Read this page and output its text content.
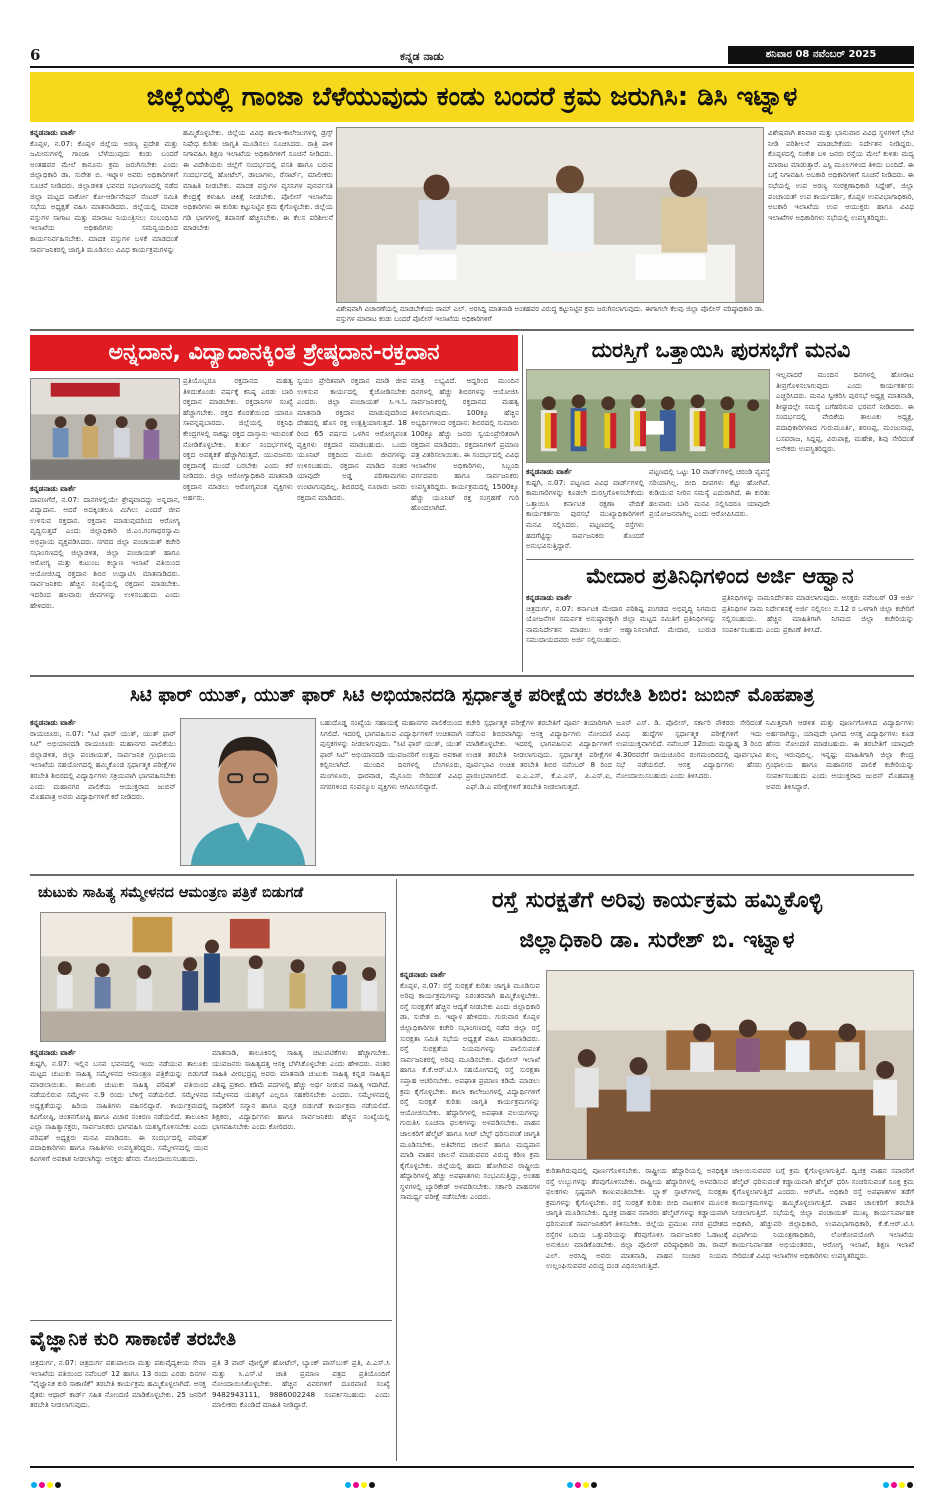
6	ಕನ್ನಡ ನಾಡು	ಶನಿವಾರ 08 ನವೆಂಬರ್ 2025
ಜಿಲ್ಲೆಯಲ್ಲಿ ಗಾಂಜಾ ಬೆಳೆಯುವುದು ಕಂಡು ಬಂದರೆ ಕ್ರಮ ಜರುಗಿಸಿ: ಡಿಸಿ ಇಟ್ನಾಳ
ಕನ್ನಡನಾಡು ವಾರ್ತೆ
ಕೊಪ್ಪಳ, ನ.07: ಕೊಪ್ಪಳ ಜಿಲ್ಲೆಯ ಅರಣ್ಯ ಪ್ರದೇಶ ಮತ್ತು ಜಮೀನುಗಳಲ್ಲಿ ಗಾಂಜಾ ಬೆಳೆಯುವುದು ಕಂಡು ಬಂದರೆ ಅಂತಹವರ ಮೇಲೆ ಕಾನೂನು ಕ್ರಮ ಜರುಗಿಸಬೇಕು ಎಂದು ಜಿಲ್ಲಾಧಿಕಾರಿ ಡಾ. ಸುರೇಶ ಬಿ. ಇಟ್ನಾಳ ಅವರು ಅಧಿಕಾರಿಗಳಿಗೆ ಸೂಚನೆ ನೀಡಿದರು. ಜಿಲ್ಲಾಡಳಿತ ಭವನದ ಸಭಾಂಗಣದಲ್ಲಿ ನಡೆದ ಜಿಲ್ಲಾ ಮಟ್ಟದ ನಾರ್ಕೋ ಕೋ-ಆರ್ಡಿನೇಷನ್ ಸೆಂಟರ್ ಸಮಿತಿ ಸಭೆಯ ಅಧ್ಯಕ್ಷತೆ ವಹಿಸಿ ಮಾತನಾಡಿದರು. ಜಿಲ್ಲೆಯಲ್ಲಿ ಮಾದಕ ವಸ್ತುಗಳ ಸಾಗಾಟ ಮತ್ತು ಮಾರಾಟ ನಿಯಂತ್ರಿಸಲು ಸಂಬಂಧಿಸಿದ ಇಲಾಖೆಯ ಅಧಿಕಾರಿಗಳು ಸಮನ್ವಯದಿಂದ ಕಾರ್ಯನಿರ್ವಹಿಸಬೇಕು. ಮಾದಕ ವಸ್ತುಗಳ ಬಳಕೆ ಮಾಡದಂತೆ ಸಾರ್ವಜನಿಕರಲ್ಲಿ ಜಾಗೃತಿ ಮೂಡಿಸಲು ವಿವಿಧ ಕಾರ್ಯಕ್ರಮಗಳನ್ನು
ಹಮ್ಮಿಕೊಳ್ಳಬೇಕು. ಜಿಲ್ಲೆಯ ವಿವಿಧ ಶಾಲಾ-ಕಾಲೇಜುಗಳಲ್ಲಿ ಡ್ರಗ್ಸ್ ನಿಷೇಧ ಕುರಿತು ಜಾಗೃತಿ ಮೂಡಿಸಲು ಸೂಚಿಸಿದರು. ರಾತ್ರಿ ಪಾಳಿ ನಿಗಾವಹಿಸಿ ಶಿಕ್ಷಣ ಇಲಾಖೆಯ ಅಧಿಕಾರಿಗಳಿಗೆ ಸೂಚನೆ ನೀಡಿದರು. ಈ ವಿದೇಶಿಯರು ಜಿಲ್ಲೆಗೆ ಸಂದರ್ಭದಲ್ಲಿ ವಸತಿ ಹಾಗೂ ಬರುವ ಸಂದರ್ಭದಲ್ಲಿ ಹೋಟೆಲ್, ಡಾಬಾಗಳು, ರೆಸಾರ್ಟ್, ಮಾಲೀಕರು ಮಾಹಿತಿ ನೀಡಬೇಕು. ಮಾದಕ ವಸ್ತುಗಳ ವ್ಯಸನಿಗಳ ಪುನರ್ವಸತಿ ಕೇಂದ್ರಕ್ಕೆ ಕಳುಹಿಸಿ ಚಿಕಿತ್ಸೆ ನೀಡಬೇಕು. ಪೊಲೀಸ್ ಇಲಾಖೆಯ ಅಧಿಕಾರಿಗಳು ಈ ಕುರಿತು ಕಟ್ಟುನಿಟ್ಟಿನ ಕ್ರಮ ಕೈಗೊಳ್ಳಬೇಕು. ಜಿಲ್ಲೆಯ ಗಡಿ ಭಾಗಗಳಲ್ಲಿ ತಪಾಸಣೆ ಹೆಚ್ಚಿಸಬೇಕು. ಈ ಕೆಲಸ ಪರಿಶೀಲನೆ ಮಾಡಬೇಕು
ವಿಶೇಷವಾಗಿ ವಿಚಾರಣೆಯಲ್ಲಿ ಮಾಡಬೇಕೆಂದು ರಾಮ್ ಎಲ್. ಅರಸಿದ್ದಿ ಮಾತನಾಡಿ ಅಂತಹವರ ವಿರುದ್ಧ ಕಟ್ಟುನಿಟ್ಟಿನ ಕ್ರಮ ಜರುಗಿಸಲಾಗುವುದು. ಈಗಾಗಲೇ ಕೆಲವು ಜಿಲ್ಲಾ ಪೊಲೀಸ್ ವರಿಷ್ಠಾಧಿಕಾರಿ ಡಾ. ವಸ್ತುಗಳ ಮಾರಾಟ ಕಂಡು ಬಂದರೆ ಪೊಲೀಸ್ ಇಲಾಖೆಯ ಅಧಿಕಾರಿಗಳಿಗೆ
ವಿಶೇಷವಾಗಿ ಶನಿವಾರ ಮತ್ತು ಭಾನುವಾರ ವಿವಿಧ ಸ್ಥಳಗಳಿಗೆ ಭೇಟಿ ನೀಡಿ ಪರಿಶೀಲನೆ ಮಾಡಬೇಕೆಂದು ನಿರ್ದೇಶನ ನೀಡಿದ್ದರು. ಕೊಪ್ಪಳದಲ್ಲಿ ಸಂಕೇಶ ಬಳಿ ಜನರು ರಸ್ತೆಯ ಮೇಲೆ ಕುಳಿತು ಮದ್ಯ ಮಾರಾಟ ಮಾಡುತ್ತಾರೆ. ಎಸ್ಪಿ ಮೂಲಗಳಿಂದ ತಿಳಿದು ಬಂದಿದೆ. ಈ ಬಗ್ಗೆ ನಿಗಾವಹಿಸಿ ಅಬಕಾರಿ ಅಧಿಕಾರಿಗಳಿಗೆ ಸೂಚನೆ ನೀಡಿದರು. ಈ ಸಭೆಯಲ್ಲಿ ಉಪ ಅರಣ್ಯ ಸಂರಕ್ಷಣಾಧಿಕಾರಿ ಸಿದ್ದೇಶ್, ಜಿಲ್ಲಾ ಪಂಚಾಯತ್ ಉಪ ಕಾರ್ಯದರ್ಶಿ, ಕೊಪ್ಪಳ ಉಪವಿಭಾಗಾಧಿಕಾರಿ, ಅಬಕಾರಿ ಇಲಾಖೆಯ ಉಪ ಆಯುಕ್ತರು ಹಾಗೂ ವಿವಿಧ ಇಲಾಖೆಗಳ ಅಧಿಕಾರಿಗಳು ಸಭೆಯಲ್ಲಿ ಉಪಸ್ಥಿತರಿದ್ದರು.
ಅನ್ನದಾನ, ವಿದ್ಯಾದಾನಕ್ಕಿಂತ ಶ್ರೇಷ್ಠದಾನ-ರಕ್ತದಾನ
ಕನ್ನಡನಾಡು ವಾರ್ತೆ
ದಾವಣಗೆರೆ, ನ.07: ದಾನಗಳಲ್ಲಿಯೇ ಶ್ರೇಷ್ಠವಾದದ್ದು ಅನ್ನದಾನ, ವಿದ್ಯಾದಾನ. ಆದರೆ ಅದಕ್ಕಿಂತಲೂ ಮಿಗಿಲು ಎಂದರೆ ಜೀವ ಉಳಿಸುವ ರಕ್ತದಾನ. ರಕ್ತದಾನ ಮಾಡುವುದರಿಂದ ಆರೋಗ್ಯ ವೃದ್ಧಿಸುತ್ತದೆ ಎಂದು ಜಿಲ್ಲಾಧಿಕಾರಿ ಜಿ.ಎಂ.ಗಂಗಾಧರಸ್ವಾಮಿ ಅಭಿಪ್ರಾಯ ವ್ಯಕ್ತಪಡಿಸಿದರು. ನಗರದ ಜಿಲ್ಲಾ ಪಂಚಾಯತ್ ಕಚೇರಿ ಸಭಾಂಗಣದಲ್ಲಿ ಜಿಲ್ಲಾಡಳಿತ, ಜಿಲ್ಲಾ ಪಂಚಾಯತ್ ಹಾಗೂ ಆರೋಗ್ಯ ಮತ್ತು ಕುಟುಂಬ ಕಲ್ಯಾಣ ಇಲಾಖೆ ವತಿಯಿಂದ ಆಯೋಜಿಸಿದ್ದ ರಕ್ತದಾನ ಶಿಬಿರ ಉದ್ಘಾಟಿಸಿ ಮಾತನಾಡಿದರು. ಸಾರ್ವಜನಿಕರು ಹೆಚ್ಚಿನ ಸಂಖ್ಯೆಯಲ್ಲಿ ರಕ್ತದಾನ ಮಾಡಬೇಕು. ಇದರಿಂದ ಹಲವಾರು ಜೀವಗಳನ್ನು ಉಳಿಸಬಹುದು ಎಂದು ಹೇಳಿದರು.
ಪ್ರತಿಯೊಬ್ಬರೂ ರಕ್ತದಾನದ ಮಹತ್ವ ತಿಳಿದುಕೊಂಡು ವರ್ಷಕ್ಕೆ ಕನಿಷ್ಠ ಎರಡು ಬಾರಿ ರಕ್ತದಾನ ಮಾಡಬೇಕು. ರಕ್ತದಾನಿಗಳ ಸಂಖ್ಯೆ ಹೆಚ್ಚಾಗಬೇಕು. ರಕ್ತದ ಕೊರತೆಯಿಂದ ಯಾರೂ ಸಾವನ್ನಪ್ಪಬಾರದು. ಜಿಲ್ಲೆಯಲ್ಲಿ ರಕ್ತನಿಧಿ ಕೇಂದ್ರಗಳಲ್ಲಿ ಸಾಕಷ್ಟು ರಕ್ತದ ದಾಸ್ತಾನು ಇರುವಂತೆ ನೋಡಿಕೊಳ್ಳಬೇಕು. ತುರ್ತು ಸಂದರ್ಭಗಳಲ್ಲಿ ರಕ್ತದ ಅವಶ್ಯಕತೆ ಹೆಚ್ಚಾಗಿರುತ್ತದೆ. ಯುವಜನರು ರಕ್ತದಾನಕ್ಕೆ ಮುಂದೆ ಬರಬೇಕು ಎಂದು ಕರೆ ನೀಡಿದರು. ಜಿಲ್ಲಾ ಆರೋಗ್ಯಾಧಿಕಾರಿ ಮಾತನಾಡಿ ರಕ್ತದಾನ ಮಾಡಲು ಆರೋಗ್ಯವಂತ ವ್ಯಕ್ತಿಗಳು ಅರ್ಹರು.
ಸ್ವಯಂ ಪ್ರೇರಿತವಾಗಿ ರಕ್ತದಾನ ಮಾಡಿ ಜೀವ ಉಳಿಸುವ ಕಾರ್ಯದಲ್ಲಿ ಕೈಜೋಡಿಸಬೇಕು ಎಂದರು. ಜಿಲ್ಲಾ ಪಂಚಾಯತ್ ಸಿ.ಇ.ಓ ಮಾತನಾಡಿ ರಕ್ತದಾನ ಮಾಡುವುದರಿಂದ ದೇಹದಲ್ಲಿ ಹೊಸ ರಕ್ತ ಉತ್ಪತ್ತಿಯಾಗುತ್ತದೆ. 18 ರಿಂದ 65 ವರ್ಷದ ಒಳಗಿನ ಆರೋಗ್ಯವಂತ ವ್ಯಕ್ತಿಗಳು ರಕ್ತದಾನ ಮಾಡಬಹುದು. ಒಂದು ಯೂನಿಟ್ ರಕ್ತದಿಂದ ಮೂರು ಜೀವಗಳನ್ನು ಉಳಿಸಬಹುದು. ರಕ್ತದಾನ ಮಾಡಿದ ನಂತರ ಯಾವುದೇ ಅಡ್ಡ ಪರಿಣಾಮಗಳು ಉಂಟಾಗುವುದಿಲ್ಲ. ಶಿಬಿರದಲ್ಲಿ ನೂರಾರು ಜನರು ರಕ್ತದಾನ ಮಾಡಿದರು.
ಮಾತ್ರ ಲಭ್ಯವಿದೆ. ಆದ್ದರಿಂದ ಮುಂದಿನ ದಿನಗಳಲ್ಲಿ ಹೆಚ್ಚು ಶಿಬಿರಗಳನ್ನು ಆಯೋಜಿಸಿ ಸಾರ್ವಜನಿಕರಲ್ಲಿ ರಕ್ತದಾನದ ಮಹತ್ವ ತಿಳಿಸಲಾಗುವುದು. 100ಕ್ಕೂ ಹೆಚ್ಚಿನ ಅಭ್ಯರ್ಥಿಗಳಿಂದ ರಕ್ತದಾನ: ಶಿಬಿರದಲ್ಲಿ ಸುಮಾರು 100ಕ್ಕೂ ಹೆಚ್ಚು ಜನರು ಸ್ವಯಂಪ್ರೇರಿತರಾಗಿ ರಕ್ತದಾನ ಮಾಡಿದರು. ರಕ್ತದಾನಿಗಳಿಗೆ ಪ್ರಮಾಣ ಪತ್ರ ವಿತರಿಸಲಾಯಿತು. ಈ ಸಂದರ್ಭದಲ್ಲಿ ವಿವಿಧ ಇಲಾಖೆಗಳ ಅಧಿಕಾರಿಗಳು, ಸಿಬ್ಬಂದಿ ವರ್ಗದವರು ಹಾಗೂ ಸಾರ್ವಜನಿಕರು ಉಪಸ್ಥಿತರಿದ್ದರು. ಕಾರ್ಯಕ್ರಮದಲ್ಲಿ 1500ಕ್ಕೂ ಹೆಚ್ಚು ಯೂನಿಟ್ ರಕ್ತ ಸಂಗ್ರಹಣೆ ಗುರಿ ಹೊಂದಲಾಗಿದೆ.
ದುರಸ್ತಿಗೆ ಒತ್ತಾಯಿಸಿ ಪುರಸಭೆಗೆ ಮನವಿ
ಕನ್ನಡನಾಡು ವಾರ್ತೆ
ಕುಷ್ಟಗಿ, ನ.07: ಪಟ್ಟಣದ ವಿವಿಧ ವಾರ್ಡ್‌ಗಳಲ್ಲಿ ಕಾಮಗಾರಿಗಳನ್ನು ಕೂಡಲೇ ದುರಸ್ತಿಗೊಳಿಸಬೇಕೆಂದು ಒತ್ತಾಯಿಸಿ ಕರ್ನಾಟಕ ರಕ್ಷಣಾ ವೇದಿಕೆ ಕಾರ್ಯಕರ್ತರು ಪುರಸಭೆ ಮುಖ್ಯಾಧಿಕಾರಿಗಳಿಗೆ ಮನವಿ ಸಲ್ಲಿಸಿದರು. ಪಟ್ಟಣದಲ್ಲಿ ರಸ್ತೆಗಳು ಹದಗೆಟ್ಟಿದ್ದು ಸಾರ್ವಜನಿಕರು ತೊಂದರೆ ಅನುಭವಿಸುತ್ತಿದ್ದಾರೆ.
ಪಟ್ಟಣದಲ್ಲಿ ಒಟ್ಟು 10 ವಾರ್ಡ್‌ಗಳಲ್ಲಿ ಚರಂಡಿ ವ್ಯವಸ್ಥೆ ಸರಿಯಾಗಿಲ್ಲ. ಬೀದಿ ದೀಪಗಳು ಕೆಟ್ಟು ಹೋಗಿವೆ. ಕುಡಿಯುವ ನೀರಿನ ಸಮಸ್ಯೆ ಎದುರಾಗಿದೆ. ಈ ಕುರಿತು ಹಲವಾರು ಬಾರಿ ಮನವಿ ಸಲ್ಲಿಸಿದರೂ ಯಾವುದೇ ಪ್ರಯೋಜನವಾಗಿಲ್ಲ ಎಂದು ಆರೋಪಿಸಿದರು.
ಇಲ್ಲವಾದರೆ ಮುಂದಿನ ದಿನಗಳಲ್ಲಿ ಹೋರಾಟ ತೀವ್ರಗೊಳಿಸಲಾಗುವುದು ಎಂದು ಕಾರ್ಯಕರ್ತರು ಎಚ್ಚರಿಸಿದರು. ಮನವಿ ಸ್ವೀಕರಿಸಿ ಪುರಸಭೆ ಅಧ್ಯಕ್ಷ ಮಾತನಾಡಿ, ಶೀಘ್ರದಲ್ಲೇ ಸಮಸ್ಯೆ ಬಗೆಹರಿಸುವ ಭರವಸೆ ನೀಡಿದರು. ಈ ಸಂದರ್ಭದಲ್ಲಿ ವೇದಿಕೆಯ ತಾಲೂಕು ಅಧ್ಯಕ್ಷ, ಪದಾಧಿಕಾರಿಗಳಾದ ಗುರುಮೂರ್ತಿ, ಶರಣಪ್ಪ, ಮಂಜುನಾಥ, ಬಸವರಾಜ, ಸಿದ್ದಪ್ಪ, ವಿರುಪಾಕ್ಷ, ಮಹೇಶ, ಶಿವು ಸೇರಿದಂತೆ ಅನೇಕರು ಉಪಸ್ಥಿತರಿದ್ದರು.
ಮೇದಾರ ಪ್ರತಿನಿಧಿಗಳಿಂದ ಅರ್ಜಿ ಆಹ್ವಾನ
ಕನ್ನಡನಾಡು ವಾರ್ತೆ
ಚಿತ್ರದುರ್ಗ, ನ.07: ಕರ್ನಾಟಕ ಮೇದಾರ ಪರಿಶಿಷ್ಟ ಪಂಗಡದ ಅಭಿವೃದ್ಧಿ ನಿಗಮದ ಯೋಜನೆಗಳ ಸಮರ್ಪಕ ಅನುಷ್ಠಾನಕ್ಕಾಗಿ ಜಿಲ್ಲಾ ಮಟ್ಟದ ಸಮಿತಿಗೆ ಪ್ರತಿನಿಧಿಗಳನ್ನು ನಾಮನಿರ್ದೇಶನ ಮಾಡಲು ಅರ್ಜಿ ಆಹ್ವಾನಿಸಲಾಗಿದೆ. ಮೇದಾರ, ಬುರುಡ ಸಮುದಾಯದವರು ಅರ್ಜಿ ಸಲ್ಲಿಸಬಹುದು.
ಪ್ರತಿನಿಧಿಗಳನ್ನು ನಾಮನಿರ್ದೇಶನ ಮಾಡಲಾಗುವುದು. ಆಸಕ್ತರು ನವೆಂಬರ್ 03 ಅರ್ಜಿ ಪ್ರತಿನಿಧಿಗಳ ನಾಮ ನಿರ್ದೇಶನಕ್ಕೆ ಅರ್ಜಿ ಸಲ್ಲಿಸಲು ನ.12 ರ ಒಳಗಾಗಿ ಜಿಲ್ಲಾ ಕಚೇರಿಗೆ ಸಲ್ಲಿಸಬಹುದು. ಹೆಚ್ಚಿನ ಮಾಹಿತಿಗಾಗಿ ನಿಗಮದ ಜಿಲ್ಲಾ ಕಚೇರಿಯನ್ನು ಸಂಪರ್ಕಿಸಬಹುದು ಎಂದು ಪ್ರಕಟಣೆ ತಿಳಿಸಿದೆ.
ಸಿಟಿ ಫಾರ್ ಯುತ್, ಯುತ್ ಫಾರ್ ಸಿಟಿ ಅಭಿಯಾನದಡಿ ಸ್ಪರ್ಧಾತ್ಮಕ ಪರೀಕ್ಷೆಯ ತರಬೇತಿ ಶಿಬಿರ: ಜುಬಿನ್ ಮೊಹಪಾತ್ರ
ಕನ್ನಡನಾಡು ವಾರ್ತೆ
ರಾಯಚೂರು, ನ.07: "ಸಿಟಿ ಫಾರ್ ಯುತ್, ಯುತ್ ಫಾರ್ ಸಿಟಿ" ಅಭಿಯಾನದಡಿ ರಾಯಚೂರು ಮಹಾನಗರ ಪಾಲಿಕೆಯು ಜಿಲ್ಲಾಡಳಿತ, ಜಿಲ್ಲಾ ಪಂಚಾಯತ್, ಸಾರ್ವಜನಿಕ ಗ್ರಂಥಾಲಯ ಇಲಾಖೆಯ ಸಹಯೋಗದಲ್ಲಿ ಹಮ್ಮಿಕೊಂಡ ಸ್ಪರ್ಧಾತ್ಮಕ ಪರೀಕ್ಷೆಗಳ ತರಬೇತಿ ಶಿಬಿರದಲ್ಲಿ ವಿದ್ಯಾರ್ಥಿಗಳು ಸಕ್ರಿಯವಾಗಿ ಭಾಗವಹಿಸಬೇಕು ಎಂದು ಮಹಾನಗರ ಪಾಲಿಕೆಯ ಆಯುಕ್ತರಾದ ಜುಬಿನ್ ಮೊಹಪಾತ್ರ ಅವರು ವಿದ್ಯಾರ್ಥಿಗಳಿಗೆ ಕರೆ ನೀಡಿದರು.
ಬಹುದೊಡ್ಡ ಸಂಖ್ಯೆಯ ಸಹಾಯಕ್ಕೆ ಮಹಾನಗರ ಪಾಲಿಕೆಯಿಂದ ಸಿಗಲಿದೆ. ಇದರಲ್ಲಿ ಭಾಗವಹಿಸುವ ವಿದ್ಯಾರ್ಥಿಗಳಿಗೆ ಉಚಿತವಾಗಿ ಪುಸ್ತಕಗಳನ್ನು ನೀಡಲಾಗುವುದು. "ಸಿಟಿ ಫಾರ್ ಯುತ್, ಯುತ್ ಫಾರ್ ಸಿಟಿ" ಅಭಿಯಾನದಡಿ ಯುವಜನರಿಗೆ ಉತ್ತಮ ಅವಕಾಶ ಕಲ್ಪಿಸಲಾಗಿದೆ. ಮುಂದಿನ ದಿನಗಳಲ್ಲಿ ಬೆಂಗಳೂರು, ಮಂಗಳೂರು, ಧಾರವಾಡ, ಮೈಸೂರು ಸೇರಿದಂತೆ ವಿವಿಧ ನಗರಗಳಿಂದ ಸಂಪನ್ಮೂಲ ವ್ಯಕ್ತಿಗಳು ಆಗಮಿಸಲಿದ್ದಾರೆ.
ಕಚೇರಿ ಸ್ಪರ್ಧಾತ್ಮಕ ಪರೀಕ್ಷೆಗಳ ತರಬೇತಿಗೆ ಪೂರ್ವ ತಯಾರಿಗಾಗಿ ನಡೆಸುವ ಶಿಬಿರವಾಗಿದ್ದು ಆಸಕ್ತ ವಿದ್ಯಾರ್ಥಿಗಳು ನೋಂದಣಿ ಮಾಡಿಕೊಳ್ಳಬೇಕು. ಇದರಲ್ಲಿ ಭಾಗವಹಿಸುವ ವಿದ್ಯಾರ್ಥಿಗಳಿಗೆ ಉಚಿತ ತರಬೇತಿ ನೀಡಲಾಗುವುದು. ಸ್ಪರ್ಧಾತ್ಮಕ ಪರೀಕ್ಷೆಗಳ ಪೂರ್ವಭಾವಿ ಉಚಿತ ತರಬೇತಿ ಶಿಬಿರ ನವೆಂಬರ್ 8 ರಿಂದ ಪ್ರಾರಂಭವಾಗಲಿದೆ. ಐ.ಎ.ಎಸ್, ಕೆ.ಎ.ಎಸ್, ಪಿ.ಎಸ್.ಐ, ಎಫ್.ಡಿ.ಎ ಪರೀಕ್ಷೆಗಳಿಗೆ ತರಬೇತಿ ನೀಡಲಾಗುತ್ತದೆ.
ಜೂನ್ ಎಸ್. ಡಿ. ಪೊಲೀಸ್, ಸರ್ಕಾರಿ ನೌಕರರು ಸೇರಿದಂತೆ ವಿವಿಧ ಹುದ್ದೆಗಳ ಸ್ಪರ್ಧಾತ್ಮಕ ಪರೀಕ್ಷೆಗಳಿಗೆ ಇದು ಉಪಯುಕ್ತವಾಗಲಿದೆ. ನವೆಂಬರ್ 12ರಂದು ಮಧ್ಯಾಹ್ನ 3 ರಿಂದ 4.30ರವರೆಗೆ ರಾಯಚೂರಿನ ರಂಗಮಂದಿರದಲ್ಲಿ ಪೂರ್ವಭಾವಿ ಸಭೆ ನಡೆಯಲಿದೆ. ಆಸಕ್ತ ವಿದ್ಯಾರ್ಥಿಗಳು ಹೆಸರು ನೋಂದಾಯಿಸಬಹುದು ಎಂದು ತಿಳಿಸಿದರು.
ನಿಮಿತ್ತವಾಗಿ ಆಡಳಿತ ಮತ್ತು ಪೂರ್ಣಗೊಳಿಸಿದ ವಿದ್ಯಾರ್ಥಿಗಳು ಅರ್ಹರಾಗಿದ್ದು, ಯಾವುದೇ ಭಾಗದ ಆಸಕ್ತ ವಿದ್ಯಾರ್ಥಿಗಳು ಕೂಡ ಹೆಸರು ನೋಂದಣಿ ಮಾಡಬಹುದು. ಈ ತರಬೇತಿಗೆ ಯಾವುದೇ ಶುಲ್ಕ ಇರುವುದಿಲ್ಲ. ಇನ್ನಷ್ಟು ಮಾಹಿತಿಗಾಗಿ ಜಿಲ್ಲಾ ಕೇಂದ್ರ ಗ್ರಂಥಾಲಯ ಹಾಗೂ ಮಹಾನಗರ ಪಾಲಿಕೆ ಕಚೇರಿಯನ್ನು ಸಂಪರ್ಕಿಸಬಹುದು ಎಂದು ಆಯುಕ್ತರಾದ ಜುಬಿನ್ ಮೊಹಪಾತ್ರ ಅವರು ತಿಳಿಸಿದ್ದಾರೆ.
ಚುಟುಕು ಸಾಹಿತ್ಯ ಸಮ್ಮೇಳನದ ಆಮಂತ್ರಣ ಪತ್ರಿಕೆ ಬಿಡುಗಡೆ
ಕನ್ನಡನಾಡು ವಾರ್ತೆ
ಕುಷ್ಟಗಿ, ನ.07: ಇಲ್ಲಿನ ಬಸವ ಭವನದಲ್ಲಿ ಇಂದು ನಡೆಯುವ ತಾಲೂಕು ಮಟ್ಟದ ಚುಟುಕು ಸಾಹಿತ್ಯ ಸಮ್ಮೇಳನದ ಆಮಂತ್ರಣ ಪತ್ರಿಕೆಯನ್ನು ಬಿಡುಗಡೆ ಮಾಡಲಾಯಿತು. ತಾಲೂಕು ಚುಟುಕು ಸಾಹಿತ್ಯ ಪರಿಷತ್ ವತಿಯಿಂದ ನಡೆಯಲಿರುವ ಸಮ್ಮೇಳನ ನ.9 ರಂದು ಬೆಳಿಗ್ಗೆ ನಡೆಯಲಿದೆ. ಸಮ್ಮೇಳನದ ಅಧ್ಯಕ್ಷತೆಯನ್ನು ಹಿರಿಯ ಸಾಹಿತಿಗಳು ವಹಿಸಲಿದ್ದಾರೆ. ಕಾರ್ಯಕ್ರಮದಲ್ಲಿ ಕವಿಗೋಷ್ಠಿ, ಚಿಂತನಗೋಷ್ಠಿ ಹಾಗೂ ವಿಚಾರ ಸಂಕಿರಣ ನಡೆಯಲಿದೆ. ತಾಲೂಕಿನ ಎಲ್ಲಾ ಸಾಹಿತ್ಯಾಸಕ್ತರು, ಸಾರ್ವಜನಿಕರು ಭಾಗವಹಿಸಿ ಯಶಸ್ವಿಗೊಳಿಸಬೇಕು ಎಂದು ಪರಿಷತ್ ಅಧ್ಯಕ್ಷರು ಮನವಿ ಮಾಡಿದರು. ಈ ಸಂದರ್ಭದಲ್ಲಿ ಪರಿಷತ್ ಪದಾಧಿಕಾರಿಗಳು ಹಾಗೂ ಸಾಹಿತಿಗಳು ಉಪಸ್ಥಿತರಿದ್ದರು. ಸಮ್ಮೇಳನದಲ್ಲಿ ಯುವ ಕವಿಗಳಿಗೆ ಅವಕಾಶ ನೀಡಲಾಗಿದ್ದು ಆಸಕ್ತರು ಹೆಸರು ನೋಂದಾಯಿಸಬಹುದು.
ಮಾತನಾಡಿ, ತಾಲೂಕಿನಲ್ಲಿ ಸಾಹಿತ್ಯ ಚಟುವಟಿಕೆಗಳು ಹೆಚ್ಚಾಗಬೇಕು. ಯುವಜನರು ಸಾಹಿತ್ಯದತ್ತ ಆಸಕ್ತಿ ಬೆಳೆಸಿಕೊಳ್ಳಬೇಕು ಎಂದು ಹೇಳಿದರು. ನಂತರ ಸಾಹಿತಿ ವೀರಭದ್ರಪ್ಪ ಅವರು ಮಾತನಾಡಿ ಚುಟುಕು ಸಾಹಿತ್ಯ ಕನ್ನಡ ಸಾಹಿತ್ಯದ ವಿಶಿಷ್ಟ ಪ್ರಕಾರ. ಕಡಿಮೆ ಪದಗಳಲ್ಲಿ ಹೆಚ್ಚು ಅರ್ಥ ನೀಡುವ ಸಾಹಿತ್ಯ ಇದಾಗಿದೆ. ಸಮ್ಮೇಳನದ ಯಶಸ್ಸಿಗೆ ಎಲ್ಲರೂ ಸಹಕರಿಸಬೇಕು ಎಂದರು. ಸಮ್ಮೇಳನದಲ್ಲಿ ಸಾಧಕರಿಗೆ ಸನ್ಮಾನ ಹಾಗೂ ಪುಸ್ತಕ ಬಿಡುಗಡೆ ಕಾರ್ಯಕ್ರಮ ನಡೆಯಲಿದೆ. ಶಿಕ್ಷಕರು, ವಿದ್ಯಾರ್ಥಿಗಳು ಹಾಗೂ ಸಾರ್ವಜನಿಕರು ಹೆಚ್ಚಿನ ಸಂಖ್ಯೆಯಲ್ಲಿ ಭಾಗವಹಿಸಬೇಕು ಎಂದು ಕೋರಿದರು.
ವೈಜ್ಞಾನಿಕ ಕುರಿ ಸಾಕಾಣಿಕೆ ತರಬೇತಿ
ಚಿತ್ರದುರ್ಗ, ನ.07: ಚಿತ್ರದುರ್ಗ ಪಶುಪಾಲನಾ ಮತ್ತು ಪಶುವೈದ್ಯಕೀಯ ಸೇವಾ ಇಲಾಖೆಯ ವತಿಯಿಂದ ನವೆಂಬರ್ 12 ಹಾಗೂ 13 ರಂದು ಎರಡು ದಿನಗಳ "ವೈಜ್ಞಾನಿಕ ಕುರಿ ಸಾಕಾಣಿಕೆ" ತರಬೇತಿ ಕಾರ್ಯಕ್ರಮ ಹಮ್ಮಿಕೊಳ್ಳಲಾಗಿದೆ. ಆಸಕ್ತ ರೈತರು ಆಧಾರ್ ಕಾರ್ಡ್ ಸಹಿತ ನೋಂದಣಿ ಮಾಡಿಕೊಳ್ಳಬೇಕು. 25 ಜನರಿಗೆ ತರಬೇತಿ ನೀಡಲಾಗುವುದು.
ಪ್ರತಿ 3 ವಾರ್ ಪೋಲ್ಟ್ರಿಕ್ ಹೋಟೆಲ್, ಬ್ಯಾಂಕ್ ಪಾಸ್‌ಬುಕ್ ಪ್ರತಿ, ಪಿ.ಎಸ್.ಸಿ ಮತ್ತು ಸಿ.ಎಸ್.ಟಿ ಜಾತಿ ಪ್ರಮಾಣ ಪತ್ರದ ಪ್ರತಿಯೊಂದಿಗೆ ನೋಂದಾಯಿಸಿಕೊಳ್ಳಬೇಕು. ಹೆಚ್ಚಿನ ವಿವರಗಳಿಗೆ ದೂರವಾಣಿ ಸಂಖ್ಯೆ 9482943111, 9886002248 ಸಂಪರ್ಕಿಸಬಹುದು ಎಂದು ಮಾಲೀಕರು ಕೊಂಡಿದೆ ಮಾಹಿತಿ ನೀಡಿದ್ದಾರೆ.
ರಸ್ತೆ ಸುರಕ್ಷತೆಗೆ ಅರಿವು ಕಾರ್ಯಕ್ರಮ ಹಮ್ಮಿಕೊಳ್ಳಿ
ಜಿಲ್ಲಾಧಿಕಾರಿ ಡಾ. ಸುರೇಶ್ ಬಿ. ಇಟ್ನಾಳ
ಕನ್ನಡನಾಡು ವಾರ್ತೆ
ಕೊಪ್ಪಳ, ನ.07: ರಸ್ತೆ ಸುರಕ್ಷತೆ ಕುರಿತು ಜಾಗೃತಿ ಮೂಡಿಸುವ ಅರಿವು ಕಾರ್ಯಕ್ರಮಗಳನ್ನು ನಿರಂತರವಾಗಿ ಹಮ್ಮಿಕೊಳ್ಳಬೇಕು. ರಸ್ತೆ ಸುರಕ್ಷತೆಗೆ ಹೆಚ್ಚಿನ ಆದ್ಯತೆ ನೀಡಬೇಕು ಎಂದು ಜಿಲ್ಲಾಧಿಕಾರಿ ಡಾ. ಸುರೇಶ ಬಿ. ಇಟ್ನಾಳ ಹೇಳಿದರು. ಗುರುವಾರ ಕೊಪ್ಪಳ ಜಿಲ್ಲಾಧಿಕಾರಿಗಳ ಕಚೇರಿ ಸಭಾಂಗಣದಲ್ಲಿ ನಡೆದ ಜಿಲ್ಲಾ ರಸ್ತೆ ಸುರಕ್ಷತಾ ಸಮಿತಿ ಸಭೆಯ ಅಧ್ಯಕ್ಷತೆ ವಹಿಸಿ ಮಾತನಾಡಿದರು. ರಸ್ತೆ ಸುರಕ್ಷತೆಯ ನಿಯಮಗಳನ್ನು ಪಾಲಿಸುವಂತೆ ಸಾರ್ವಜನಿಕರಲ್ಲಿ ಅರಿವು ಮೂಡಿಸಬೇಕು. ಪೊಲೀಸ್ ಇಲಾಖೆ ಹಾಗೂ ಕೆ.ಕೆ.ಆರ್.ಟಿ.ಸಿ ಸಹಯೋಗದಲ್ಲಿ ರಸ್ತೆ ಸುರಕ್ಷತಾ ಸಪ್ತಾಹ ಆಚರಿಸಬೇಕು. ಅಪಘಾತ ಪ್ರಮಾಣ ಕಡಿಮೆ ಮಾಡಲು ಕ್ರಮ ಕೈಗೊಳ್ಳಬೇಕು. ಶಾಲಾ ಕಾಲೇಜುಗಳಲ್ಲಿ ವಿದ್ಯಾರ್ಥಿಗಳಿಗೆ ರಸ್ತೆ ಸುರಕ್ಷತೆ ಕುರಿತು ಜಾಗೃತಿ ಕಾರ್ಯಕ್ರಮಗಳನ್ನು ಆಯೋಜಿಸಬೇಕು. ಹೆದ್ದಾರಿಗಳಲ್ಲಿ ಅಪಘಾತ ವಲಯಗಳನ್ನು ಗುರುತಿಸಿ ಸೂಚನಾ ಫಲಕಗಳನ್ನು ಅಳವಡಿಸಬೇಕು. ವಾಹನ ಚಾಲಕರಿಗೆ ಹೆಲ್ಮೆಟ್ ಹಾಗೂ ಸೀಟ್ ಬೆಲ್ಟ್ ಧರಿಸುವಂತೆ ಜಾಗೃತಿ ಮೂಡಿಸಬೇಕು. ಅತಿವೇಗದ ಚಾಲನೆ ಹಾಗೂ ಮದ್ಯಪಾನ ಮಾಡಿ ವಾಹನ ಚಾಲನೆ ಮಾಡುವವರ ವಿರುದ್ಧ ಕಠಿಣ ಕ್ರಮ ಕೈಗೊಳ್ಳಬೇಕು. ಜಿಲ್ಲೆಯಲ್ಲಿ ಹಾದು ಹೋಗಿರುವ ರಾಷ್ಟ್ರೀಯ ಹೆದ್ದಾರಿಗಳಲ್ಲಿ ಹೆಚ್ಚು ಅಪಘಾತಗಳು ಸಂಭವಿಸುತ್ತಿದ್ದು, ಅಂತಹ ಸ್ಥಳಗಳಲ್ಲಿ ಬ್ಯಾರಿಕೇಡ್ ಅಳವಡಿಸಬೇಕು. ಸರ್ಕಾರಿ ವಾಹನಗಳ ಸಾಮರ್ಥ್ಯ ಪರೀಕ್ಷೆ ನಡೆಸಬೇಕು ಎಂದರು.
ಕುರಿತಾಗಿರುವುದಲ್ಲಿ ಪೂರ್ಣಗೊಳಿಸಬೇಕು. ರಾಷ್ಟ್ರೀಯ ಹೆದ್ದಾರಿಯಲ್ಲಿ ಅನಧಿಕೃತ ರಸ್ತೆ ಉಬ್ಬುಗಳನ್ನು ತೆರವುಗೊಳಿಸಬೇಕು. ರಾಷ್ಟ್ರೀಯ ಹೆದ್ದಾರಿಗಳಲ್ಲಿ ಅಳವಡಿಸುವ ಫಲಕಗಳು ಸ್ಪಷ್ಟವಾಗಿ ಕಾಣುವಂತಿರಬೇಕು. ಬ್ಲ್ಯಾಕ್ ಸ್ಪಾಟ್‌ಗಳಲ್ಲಿ ಸುರಕ್ಷತಾ ಕ್ರಮಗಳನ್ನು ಕೈಗೊಳ್ಳಬೇಕು. ರಸ್ತೆ ಸುರಕ್ಷತೆ ಕುರಿತು ಬೀದಿ ನಾಟಕಗಳ ಮೂಲಕ ಜಾಗೃತಿ ಮೂಡಿಸಬೇಕು. ದ್ವಿಚಕ್ರ ವಾಹನ ಸವಾರರು ಹೆಲ್ಮೆಟ್‌ಗಳನ್ನು ಕಡ್ಡಾಯವಾಗಿ ಧರಿಸುವಂತೆ ಸಾರ್ವಜನಿಕರಿಗೆ ತಿಳಿಸಬೇಕು. ಜಿಲ್ಲೆಯ ಪ್ರಮುಖ ನಗರ ಪ್ರದೇಶದ ರಸ್ತೆಗಳ ಬದಿಯ ಒತ್ತುವರಿಯನ್ನು ತೆರವುಗೊಳಿಸಿ ಸಾರ್ವಜನಿಕರ ಓಡಾಟಕ್ಕೆ ಅನುಕೂಲ ಮಾಡಿಕೊಡಬೇಕು. ಜಿಲ್ಲಾ ಪೊಲೀಸ್ ವರಿಷ್ಠಾಧಿಕಾರಿ ಡಾ. ರಾಮ್ ಎಲ್. ಅರಸಿದ್ದಿ ಅವರು ಮಾತನಾಡಿ, ವಾಹನ ಸಂಚಾರ ನಿಯಮ ಉಲ್ಲಂಘಿಸುವವರ ವಿರುದ್ಧ ದಂಡ ವಿಧಿಸಲಾಗುತ್ತಿದೆ.
ಚಾಲಯಿಸುವವರ ಬಗ್ಗೆ ಕ್ರಮ ಕೈಗೊಳ್ಳಲಾಗುತ್ತಿದೆ. ದ್ವಿಚಕ್ರ ವಾಹನ ಸವಾರರಿಗೆ ಹೆಲ್ಮೆಟ್ ಧರಿಸುವಂತೆ ಕಡ್ಡಾಯವಾಗಿ ಹೆಲ್ಮೆಟ್ ಧರಿಸಿ ಸಂಚರಿಸುವಂತೆ ಸೂಕ್ತ ಕ್ರಮ ಕೈಗೊಳ್ಳಲಾಗುತ್ತಿದೆ ಎಂದರು. ಆರ್‌ಟಿಓ ಅಧಿಕಾರಿ ರಸ್ತೆ ಅಪಘಾತಗಳ ತಡೆಗೆ ಕಾರ್ಯಕ್ರಮಗಳನ್ನು ಹಮ್ಮಿಕೊಳ್ಳಲಾಗುತ್ತಿದೆ. ವಾಹನ ಚಾಲಕರಿಗೆ ತರಬೇತಿ ನೀಡಲಾಗುತ್ತಿದೆ. ಸಭೆಯಲ್ಲಿ ಜಿಲ್ಲಾ ಪಂಚಾಯತ್ ಮುಖ್ಯ ಕಾರ್ಯನಿರ್ವಾಹಕ ಅಧಿಕಾರಿ, ಹೆಚ್ಚುವರಿ ಜಿಲ್ಲಾಧಿಕಾರಿ, ಉಪವಿಭಾಗಾಧಿಕಾರಿ, ಕೆ.ಕೆ.ಆರ್.ಟಿ.ಸಿ ವಿಭಾಗೀಯ ನಿಯಂತ್ರಣಾಧಿಕಾರಿ, ಲೋಕೋಪಯೋಗಿ ಇಲಾಖೆಯ ಕಾರ್ಯನಿರ್ವಾಹಕ ಅಭಿಯಂತರರು, ಆರೋಗ್ಯ ಇಲಾಖೆ, ಶಿಕ್ಷಣ ಇಲಾಖೆ ಸೇರಿದಂತೆ ವಿವಿಧ ಇಲಾಖೆಗಳ ಅಧಿಕಾರಿಗಳು ಉಪಸ್ಥಿತರಿದ್ದರು.
